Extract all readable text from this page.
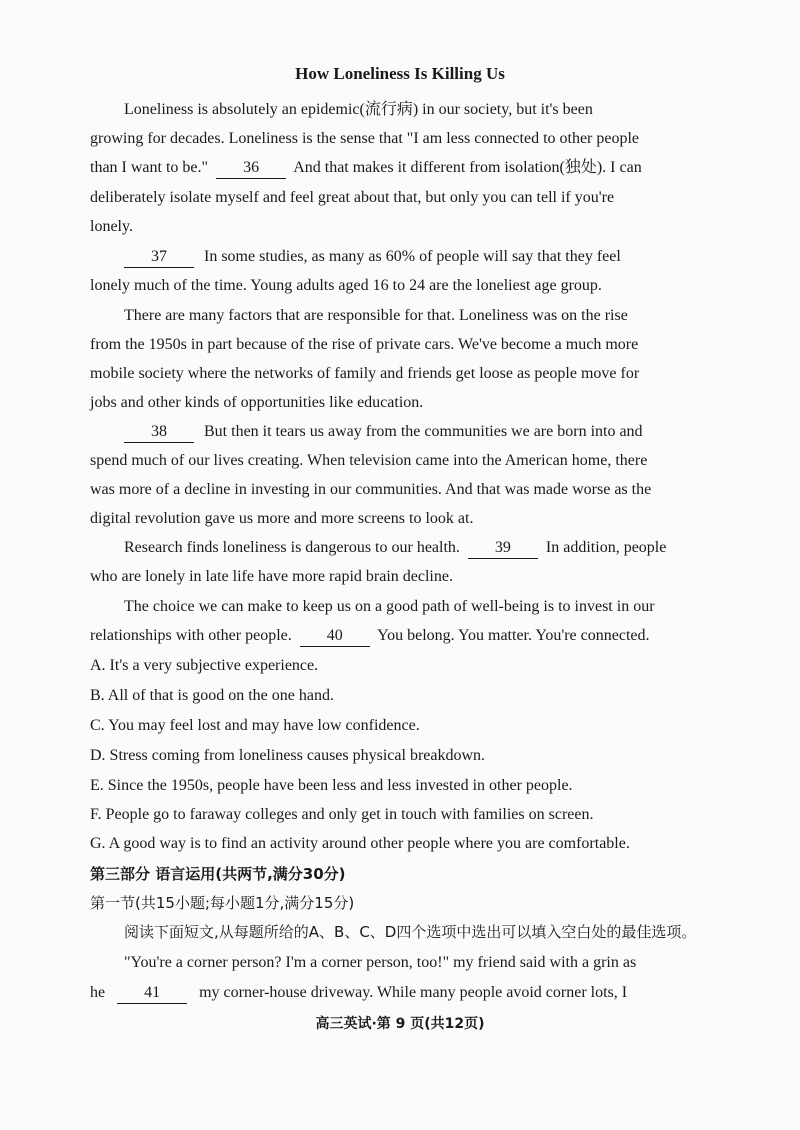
How Loneliness Is Killing Us
Loneliness is absolutely an epidemic(流行病) in our society, but it's been
growing for decades. Loneliness is the sense that "I am less connected to other people
than I want to be." 36 And that makes it different from isolation(独处). I can
deliberately isolate myself and feel great about that, but only you can tell if you're
lonely.
37 In some studies, as many as 60% of people will say that they feel
lonely much of the time. Young adults aged 16 to 24 are the loneliest age group.
There are many factors that are responsible for that. Loneliness was on the rise
from the 1950s in part because of the rise of private cars. We've become a much more
mobile society where the networks of family and friends get loose as people move for
jobs and other kinds of opportunities like education.
38 But then it tears us away from the communities we are born into and
spend much of our lives creating. When television came into the American home, there
was more of a decline in investing in our communities. And that was made worse as the
digital revolution gave us more and more screens to look at.
Research finds loneliness is dangerous to our health. 39 In addition, people
who are lonely in late life have more rapid brain decline.
The choice we can make to keep us on a good path of well-being is to invest in our
relationships with other people. 40 You belong. You matter. You're connected.
A. It's a very subjective experience.
B. All of that is good on the one hand.
C. You may feel lost and may have low confidence.
D. Stress coming from loneliness causes physical breakdown.
E. Since the 1950s, people have been less and less invested in other people.
F. People go to faraway colleges and only get in touch with families on screen.
G. A good way is to find an activity around other people where you are comfortable.
第三部分 语言运用(共两节,满分30分)
第一节(共15小题;每小题1分,满分15分)
阅读下面短文,从每题所给的A、B、C、D四个选项中选出可以填入空白处的最佳选项。
"You're a corner person? I'm a corner person, too!" my friend said with a grin as
he 41 my corner-house driveway. While many people avoid corner lots, I
高三英试·第 9 页(共12页)
